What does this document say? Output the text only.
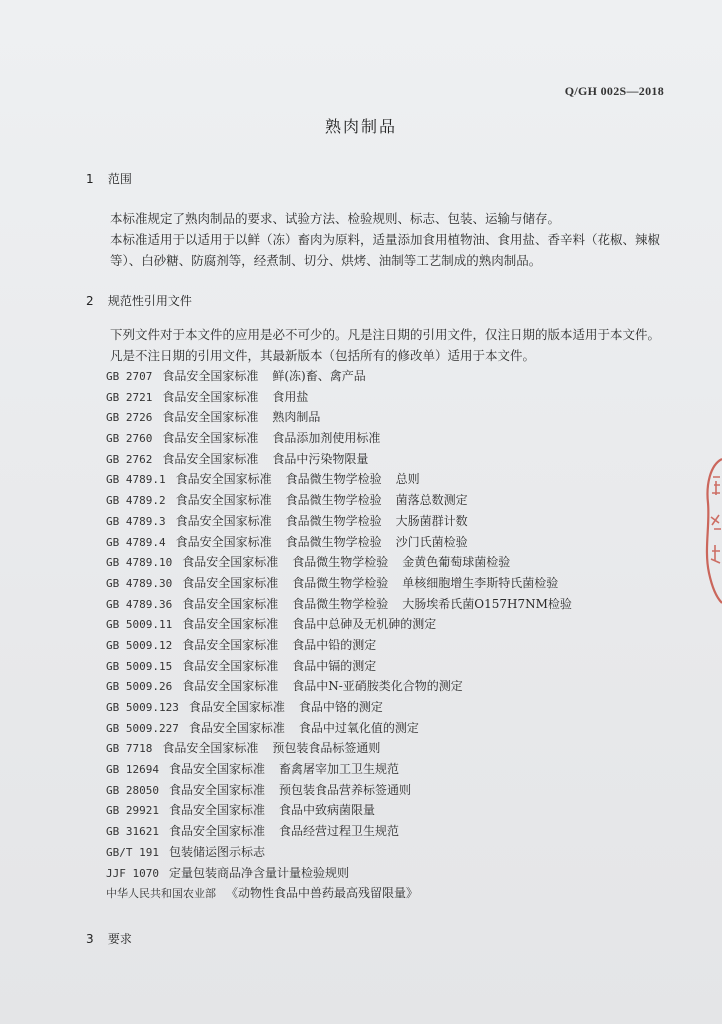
Q/GH 002S—2018
熟肉制品
1 范围
本标准规定了熟肉制品的要求、试验方法、检验规则、标志、包装、运输与储存。
本标准适用于以适用于以鲜（冻）畜肉为原料，适量添加食用植物油、食用盐、香辛料（花椒、辣椒等）、白砂糖、防腐剂等，经煮制、切分、烘烤、油制等工艺制成的熟肉制品。
2 规范性引用文件
下列文件对于本文件的应用是必不可少的。凡是注日期的引用文件，仅注日期的版本适用于本文件。凡是不注日期的引用文件，其最新版本（包括所有的修改单）适用于本文件。
GB 2707 食品安全国家标准 鲜(冻)畜、禽产品
GB 2721 食品安全国家标准 食用盐
GB 2726 食品安全国家标准 熟肉制品
GB 2760 食品安全国家标准 食品添加剂使用标准
GB 2762 食品安全国家标准 食品中污染物限量
GB 4789.1 食品安全国家标准 食品微生物学检验 总则
GB 4789.2 食品安全国家标准 食品微生物学检验 菌落总数测定
GB 4789.3 食品安全国家标准 食品微生物学检验 大肠菌群计数
GB 4789.4 食品安全国家标准 食品微生物学检验 沙门氏菌检验
GB 4789.10 食品安全国家标准 食品微生物学检验 金黄色葡萄球菌检验
GB 4789.30 食品安全国家标准 食品微生物学检验 单核细胞增生李斯特氏菌检验
GB 4789.36 食品安全国家标准 食品微生物学检验 大肠埃希氏菌O157H7NM检验
GB 5009.11 食品安全国家标准 食品中总砷及无机砷的测定
GB 5009.12 食品安全国家标准 食品中铅的测定
GB 5009.15 食品安全国家标准 食品中镉的测定
GB 5009.26 食品安全国家标准 食品中N-亚硝胺类化合物的测定
GB 5009.123 食品安全国家标准 食品中铬的测定
GB 5009.227 食品安全国家标准 食品中过氧化值的测定
GB 7718 食品安全国家标准 预包装食品标签通则
GB 12694 食品安全国家标准 畜禽屠宰加工卫生规范
GB 28050 食品安全国家标准 预包装食品营养标签通则
GB 29921 食品安全国家标准 食品中致病菌限量
GB 31621 食品安全国家标准 食品经营过程卫生规范
GB/T 191 包装储运图示标志
JJF 1070 定量包装商品净含量计量检验规则
中华人民共和国农业部 《动物性食品中兽药最高残留限量》
3 要求
